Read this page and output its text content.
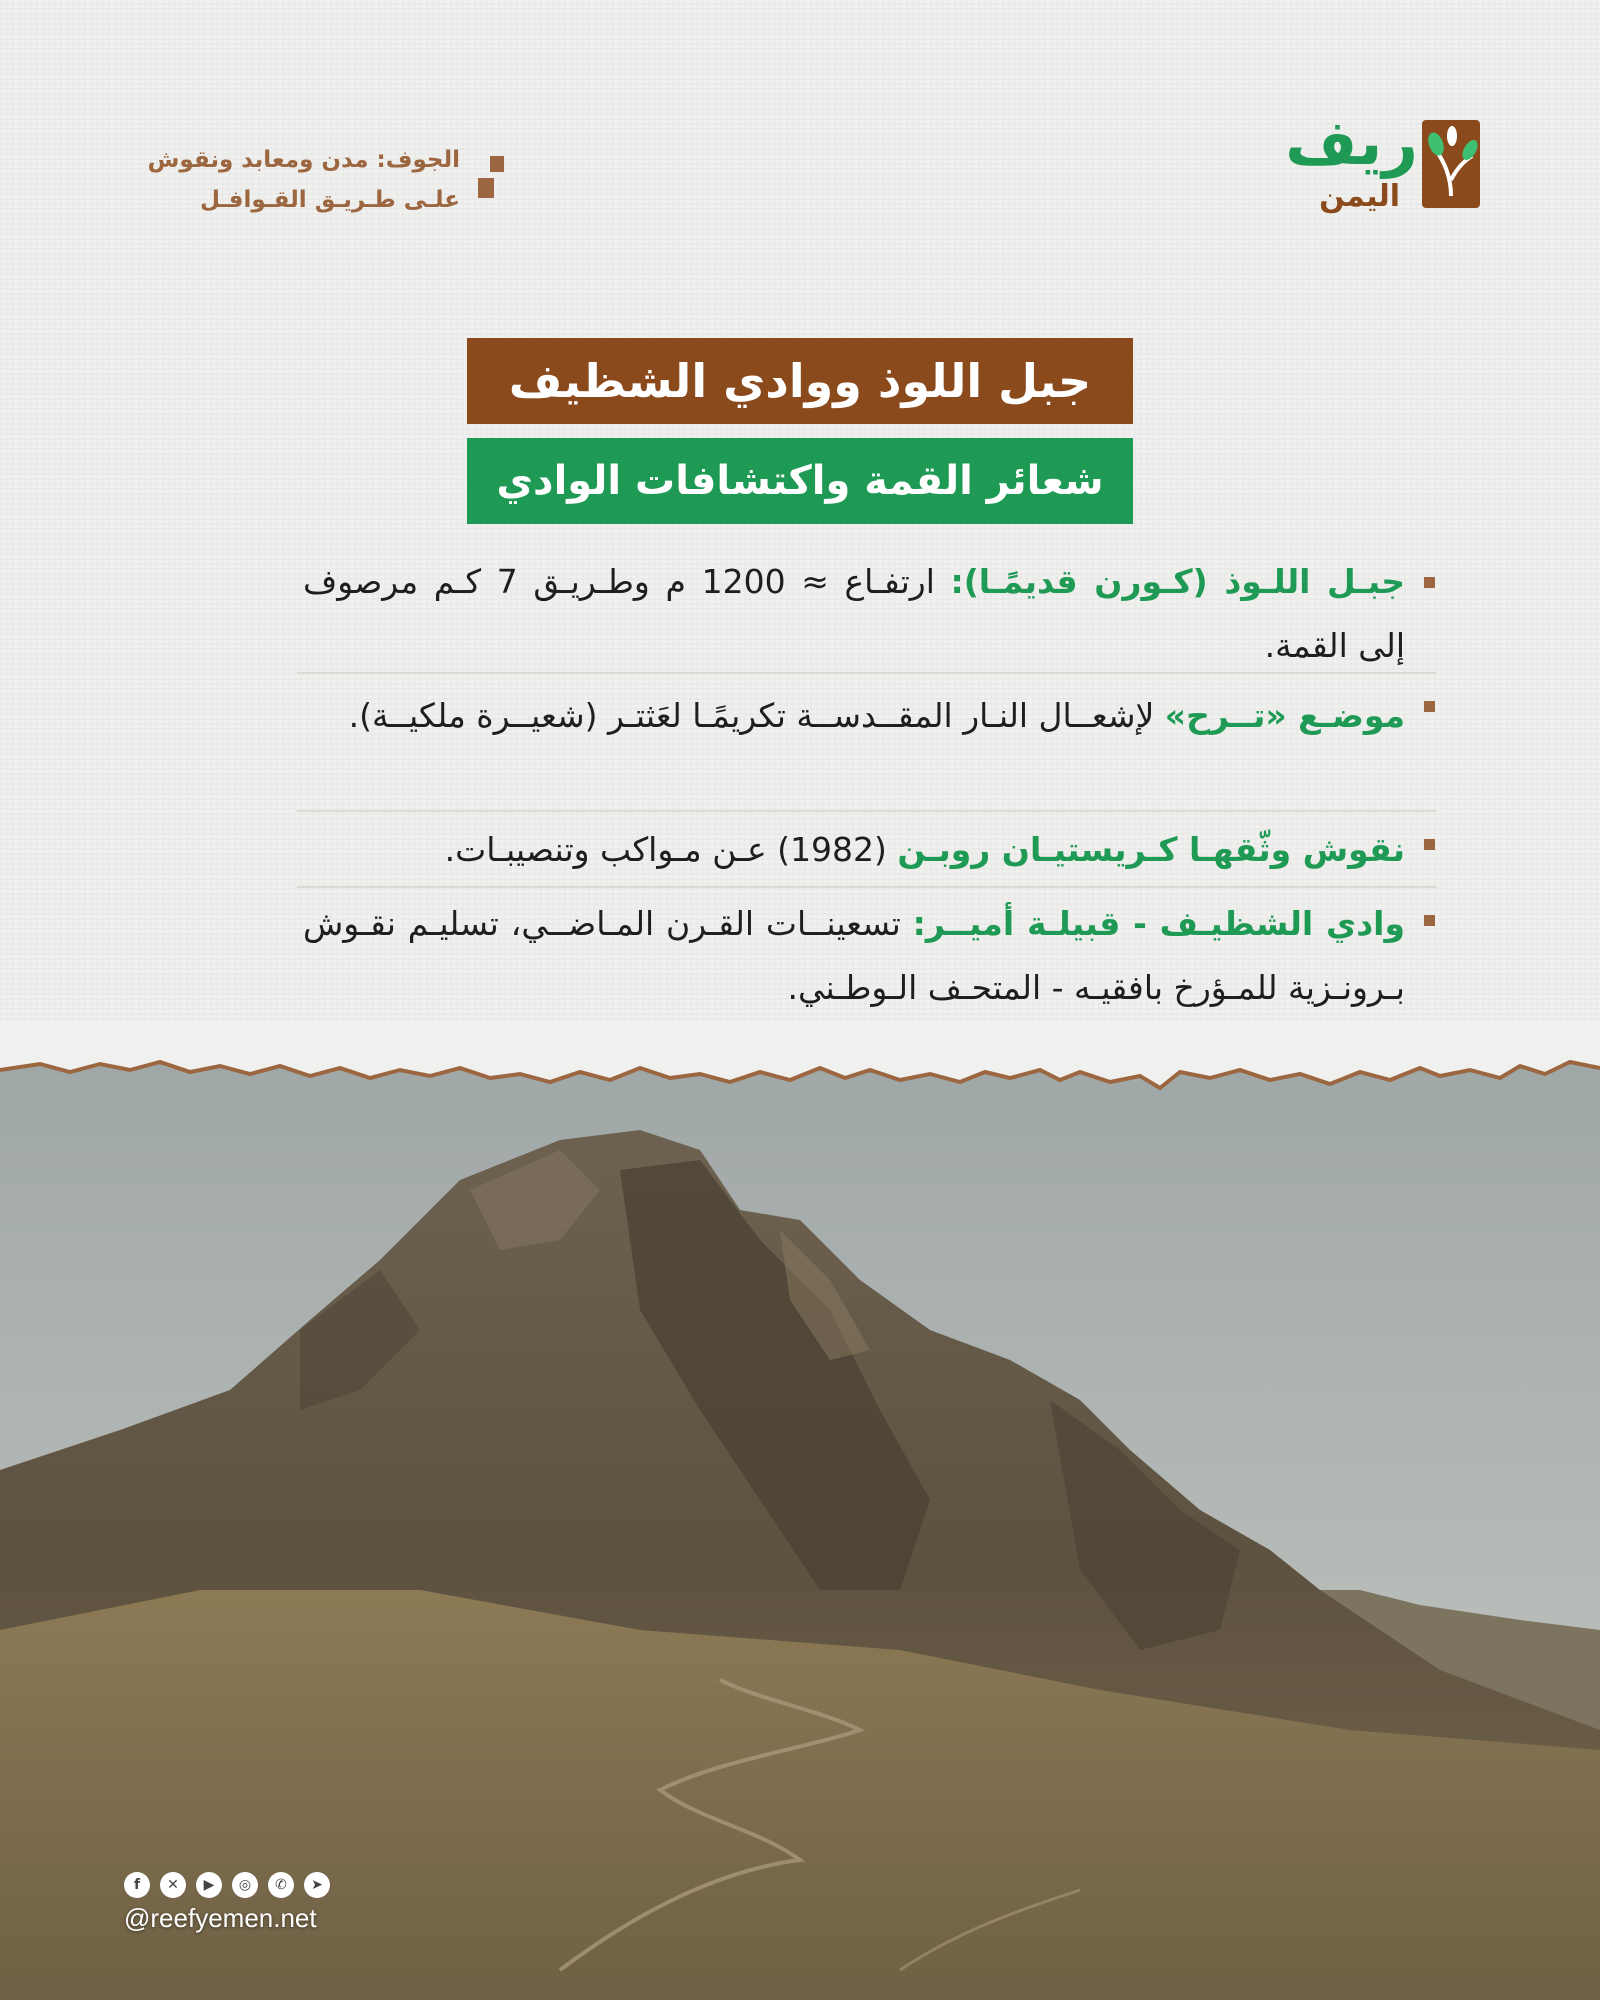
ريف
اليمن
الجوف: مدن ومعابد ونقوش
علـى طـريـق القـوافـل
جبل اللوذ ووادي الشظيف
شعائر القمة واكتشافات الوادي
جبـل اللـوذ (كـورن قديمًـا): ارتفـاع ≈ 1200 م وطـريـق 7 كـم مرصوف إلى القمة.
موضـع «تــرح» لإشعــال النـار المقــدســة تكريمًـا لعَثتـر (شعيــرة ملكيــة).
نقوش وثّقهـا كـريستيـان روبـن (1982) عـن مـواكب وتنصيبـات.
وادي الشظيـف - قبيلـة أميــر: تسعينــات القـرن المـاضــي، تسليـم نقـوش بـرونـزية للمـؤرخ بافقيـه - المتحـف الـوطـني.
f	✕	▶	◎	✆	➤
@reefyemen.net
